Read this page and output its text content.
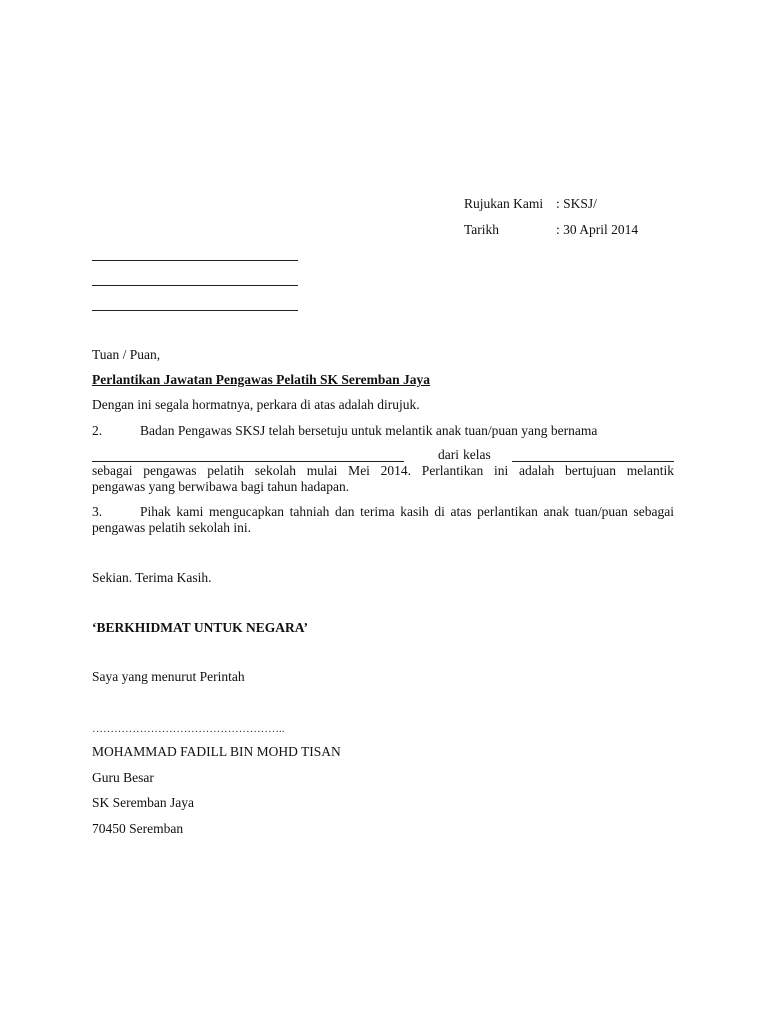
Rujukan Kami : SKSJ/
Tarikh	: 30 April 2014
Tuan / Puan,
Perlantikan Jawatan Pengawas Pelatih SK Seremban Jaya
Dengan ini segala hormatnya, perkara di atas adalah dirujuk.
2.	Badan Pengawas SKSJ telah bersetuju untuk melantik anak tuan/puan yang bernama
dari kelas
sebagai pengawas pelatih sekolah mulai Mei 2014. Perlantikan ini adalah bertujuan melantik
pengawas yang berwibawa bagi tahun hadapan.
3.	Pihak kami mengucapkan tahniah dan terima kasih di atas perlantikan anak tuan/puan sebagai
pengawas pelatih sekolah ini.
Sekian. Terima Kasih.
‘BERKHIDMAT UNTUK NEGARA’
Saya yang menurut Perintah
……………………………………………..
MOHAMMAD FADILL BIN MOHD TISAN
Guru Besar
SK Seremban Jaya
70450 Seremban
